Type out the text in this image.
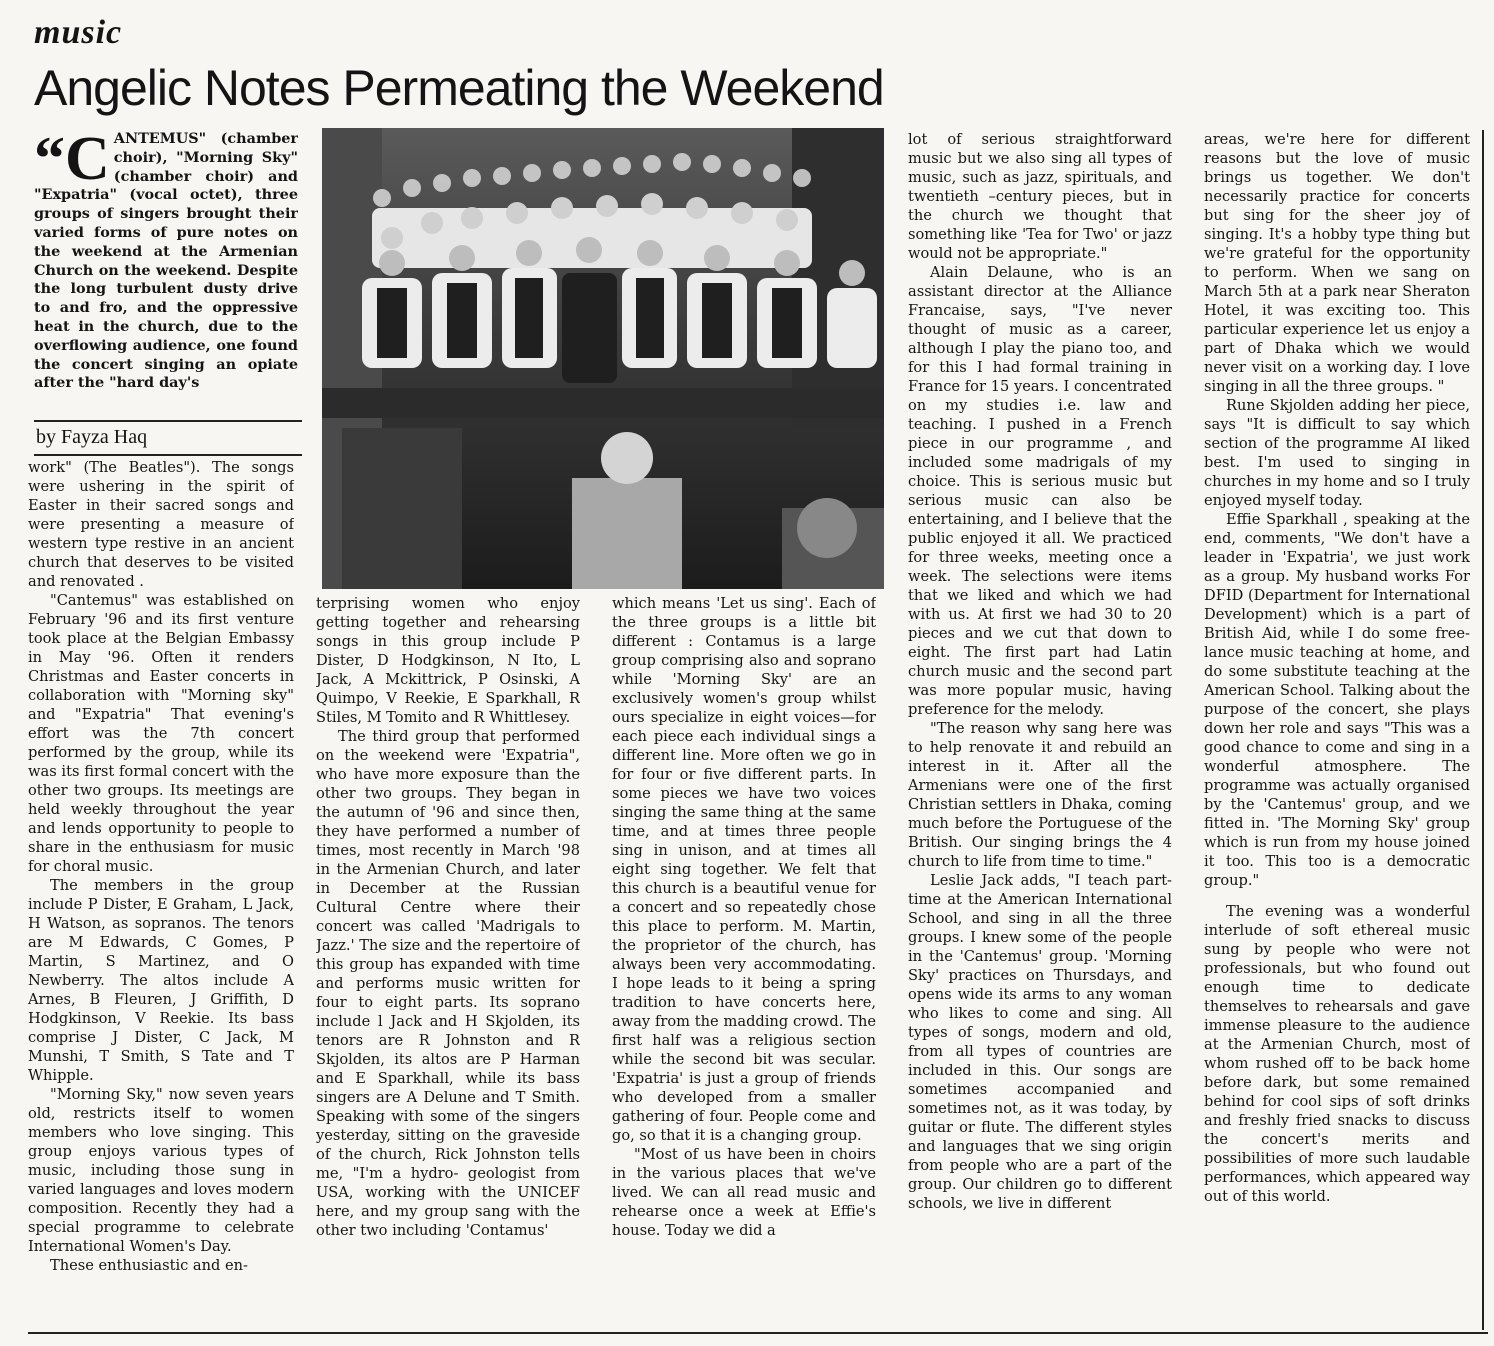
music
Angelic Notes Permeating the Weekend

“CANTEMUS" (chamber choir), "Morning Sky" (chamber choir) and "Expatria" (vocal octet), three groups of singers brought their varied forms of pure notes on the weekend at the Armenian Church on the weekend. Despite the long turbulent dusty drive to and fro, and the oppressive heat in the church, due to the overflowing audience, one found the concert singing an opiate after the "hard day's

by Fayza Haq

work" (The Beatles"). The songs were ushering in the spirit of Easter in their sacred songs and were presenting a measure of western type restive in an ancient church that deserves to be visited and renovated .

"Cantemus" was established on February '96 and its first venture took place at the Belgian Embassy in May '96. Often it renders Christmas and Easter concerts in collaboration with "Morning sky" and "Expatria" That evening's effort was the 7th concert performed by the group, while its was its first formal concert with the other two groups. Its meetings are held weekly throughout the year and lends opportunity to people to share in the enthusiasm for music for choral music.

The members in the group include P Dister, E Graham, L Jack, H Watson, as sopranos. The tenors are M Edwards, C Gomes, P Martin, S Martinez, and O Newberry. The altos include A Arnes, B Fleuren, J Griffith, D Hodgkinson, V Reekie. Its bass comprise J Dister, C Jack, M Munshi, T Smith, S Tate and T Whipple.

"Morning Sky," now seven years old, restricts itself to women members who love singing. This group enjoys various types of music, including those sung in varied languages and loves modern composition. Recently they had a special programme to celebrate International Women's Day.

These enthusiastic and en-

terprising women who enjoy getting together and rehearsing songs in this group include P Dister, D Hodgkinson, N Ito, L Jack, A Mckittrick, P Osinski, A Quimpo, V Reekie, E Sparkhall, R Stiles, M Tomito and R Whittlesey.

The third group that performed on the weekend were 'Expatria", who have more exposure than the other two groups. They began in the autumn of '96 and since then, they have performed a number of times, most recently in March '98 in the Armenian Church, and later in December at the Russian Cultural Centre where their concert was called 'Madrigals to Jazz.' The size and the repertoire of this group has expanded with time and performs music written for four to eight parts. Its soprano include l Jack and H Skjolden, its tenors are R Johnston and R Skjolden, its altos are P Harman and E Sparkhall, while its bass singers are A Delune and T Smith. Speaking with some of the singers yesterday, sitting on the graveside of the church, Rick Johnston tells me, "I'm a hydro- geologist from USA, working with the UNICEF here, and my group sang with the other two including 'Contamus'

which means 'Let us sing'. Each of the three groups is a little bit different : Contamus is a large group comprising also and soprano while 'Morning Sky' are an exclusively women's group whilst ours specialize in eight voices—for each piece each individual sings a different line. More often we go in for four or five different parts. In some pieces we have two voices singing the same thing at the same time, and at times three people sing in unison, and at times all eight sing together. We felt that this church is a beautiful venue for a concert and so repeatedly chose this place to perform. M. Martin, the proprietor of the church, has always been very accommodating. I hope leads to it being a spring tradition to have concerts here, away from the madding crowd. The first half was a religious section while the second bit was secular. 'Expatria' is just a group of friends who developed from a smaller gathering of four. People come and go, so that it is a changing group.

"Most of us have been in choirs in the various places that we've lived. We can all read music and rehearse once a week at Effie's house. Today we did a

lot of serious straightforward music but we also sing all types of music, such as jazz, spirituals, and twentieth –century pieces, but in the church we thought that something like 'Tea for Two' or jazz would not be appropriate."

Alain Delaune, who is an assistant director at the Alliance Francaise, says, "I've never thought of music as a career, although I play the piano too, and for this I had formal training in France for 15 years. I concentrated on my studies i.e. law and teaching. I pushed in a French piece in our programme , and included some madrigals of my choice. This is serious music but serious music can also be entertaining, and I believe that the public enjoyed it all. We practiced for three weeks, meeting once a week. The selections were items that we liked and which we had with us. At first we had 30 to 20 pieces and we cut that down to eight. The first part had Latin church music and the second part was more popular music, having preference for the melody.

"The reason why sang here was to help renovate it and rebuild an interest in it. After all the Armenians were one of the first Christian settlers in Dhaka, coming much before the Portuguese of the British. Our singing brings the 4 church to life from time to time."

Leslie Jack adds, "I teach part-time at the American International School, and sing in all the three groups. I knew some of the people in the 'Cantemus' group. 'Morning Sky' practices on Thursdays, and opens wide its arms to any woman who likes to come and sing. All types of songs, modern and old, from all types of countries are included in this. Our songs are sometimes accompanied and sometimes not, as it was today, by guitar or flute. The different styles and languages that we sing origin from people who are a part of the group. Our children go to different schools, we live in different

areas, we're here for different reasons but the love of music brings us together. We don't necessarily practice for concerts but sing for the sheer joy of singing. It's a hobby type thing but we're grateful for the opportunity to perform. When we sang on March 5th at a park near Sheraton Hotel, it was exciting too. This particular experience let us enjoy a part of Dhaka which we would never visit on a working day. I love singing in all the three groups. "

Rune Skjolden adding her piece, says "It is difficult to say which section of the programme AI liked best. I'm used to singing in churches in my home and so I truly enjoyed myself today.

Effie Sparkhall , speaking at the end, comments, "We don't have a leader in 'Expatria', we just work as a group. My husband works For DFID (Department for International Development) which is a part of British Aid, while I do some free-lance music teaching at home, and do some substitute teaching at the American School. Talking about the purpose of the concert, she plays down her role and says "This was a good chance to come and sing in a wonderful atmosphere. The programme was actually organised by the 'Cantemus' group, and we fitted in. 'The Morning Sky' group which is run from my house joined it too. This too is a democratic group."

The evening was a wonderful interlude of soft ethereal music sung by people who were not professionals, but who found out enough time to dedicate themselves to rehearsals and gave immense pleasure to the audience at the Armenian Church, most of whom rushed off to be back home before dark, but some remained behind for cool sips of soft drinks and freshly fried snacks to discuss the concert's merits and possibilities of more such laudable performances, which appeared way out of this world.
